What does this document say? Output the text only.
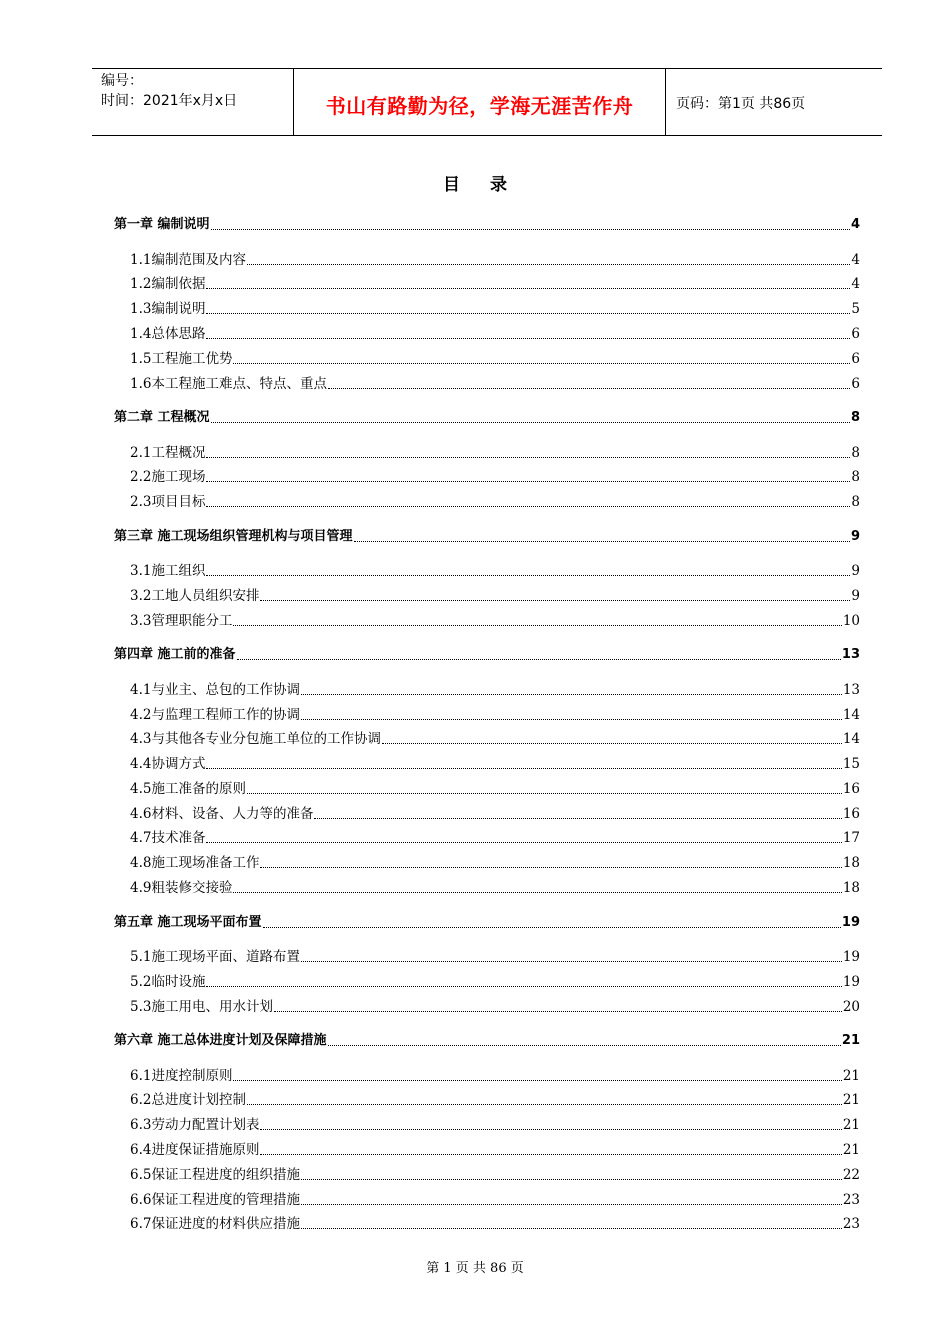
编号：
时间：2021年x月x日	书山有路勤为径，学海无涯苦作舟	页码：第1页 共86页
目 录
第一章 编制说明	4
1.1编制范围及内容	4
1.2编制依据	4
1.3编制说明	5
1.4总体思路	6
1.5工程施工优势	6
1.6本工程施工难点、特点、重点	6
第二章 工程概况	8
2.1工程概况	8
2.2施工现场	8
2.3项目目标	8
第三章 施工现场组织管理机构与项目管理	9
3.1施工组织	9
3.2工地人员组织安排	9
3.3管理职能分工	10
第四章 施工前的准备	13
4.1与业主、总包的工作协调	13
4.2与监理工程师工作的协调	14
4.3与其他各专业分包施工单位的工作协调	14
4.4协调方式	15
4.5施工准备的原则	16
4.6材料、设备、人力等的准备	16
4.7技术准备	17
4.8施工现场准备工作	18
4.9粗装修交接验	18
第五章 施工现场平面布置	19
5.1施工现场平面、道路布置	19
5.2临时设施	19
5.3施工用电、用水计划	20
第六章 施工总体进度计划及保障措施	21
6.1进度控制原则	21
6.2总进度计划控制	21
6.3劳动力配置计划表	21
6.4进度保证措施原则	21
6.5保证工程进度的组织措施	22
6.6保证工程进度的管理措施	23
6.7保证进度的材料供应措施	23
第 1 页 共 86 页
